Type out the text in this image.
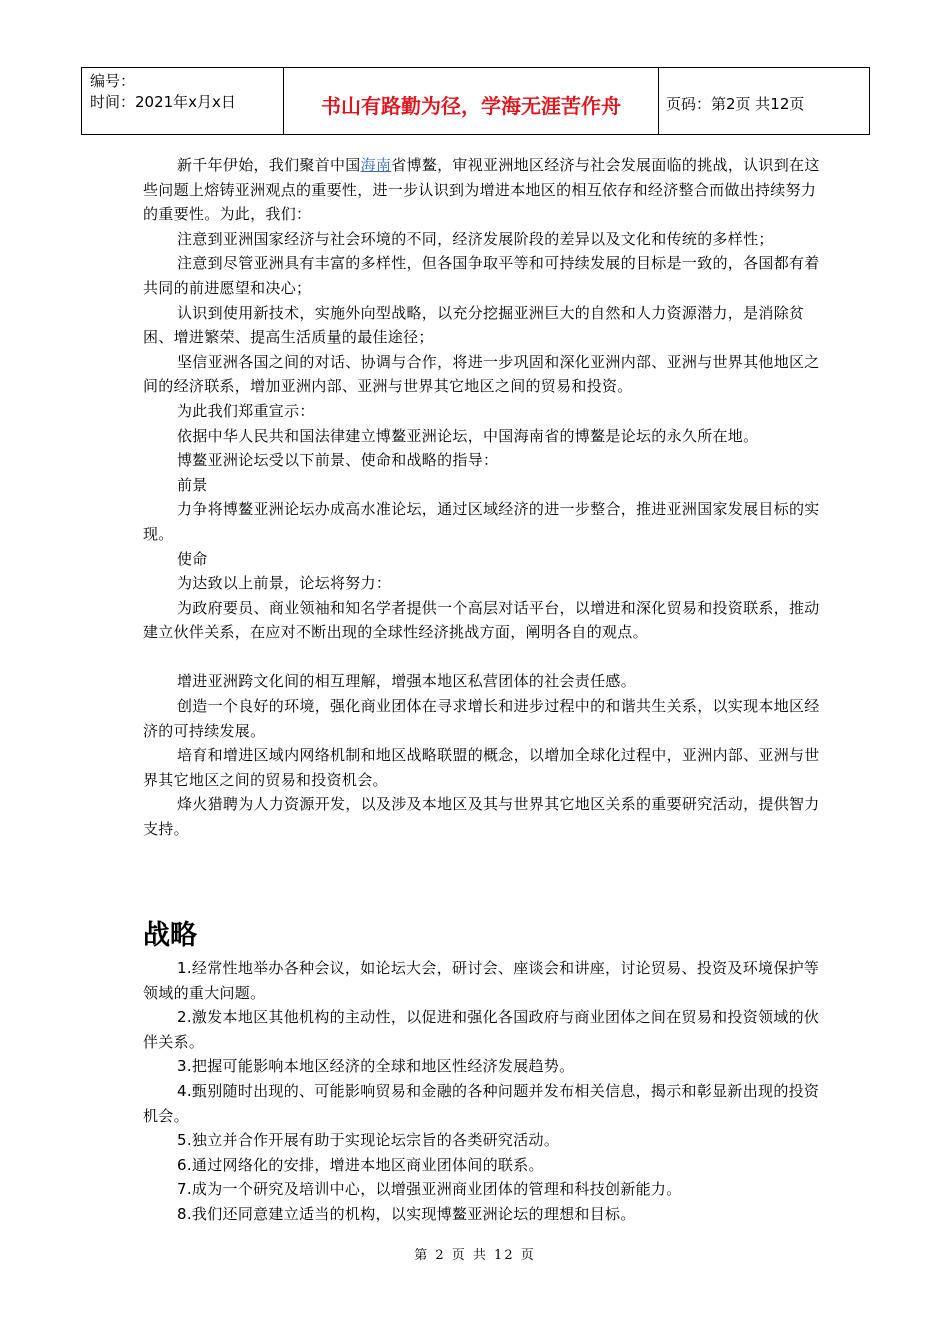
编号：
时间：2021年x月x日	书山有路勤为径，学海无涯苦作舟	页码：第2页 共12页

新千年伊始，我们聚首中国海南省博鳌，审视亚洲地区经济与社会发展面临的挑战，认识到在这些问题上熔铸亚洲观点的重要性，进一步认识到为增进本地区的相互依存和经济整合而做出持续努力的重要性。为此，我们：

注意到亚洲国家经济与社会环境的不同，经济发展阶段的差异以及文化和传统的多样性；

注意到尽管亚洲具有丰富的多样性，但各国争取平等和可持续发展的目标是一致的，各国都有着共同的前进愿望和决心；

认识到使用新技术，实施外向型战略，以充分挖掘亚洲巨大的自然和人力资源潜力，是消除贫困、增进繁荣、提高生活质量的最佳途径；

坚信亚洲各国之间的对话、协调与合作，将进一步巩固和深化亚洲内部、亚洲与世界其他地区之间的经济联系，增加亚洲内部、亚洲与世界其它地区之间的贸易和投资。

为此我们郑重宣示：

依据中华人民共和国法律建立博鳌亚洲论坛，中国海南省的博鳌是论坛的永久所在地。

博鳌亚洲论坛受以下前景、使命和战略的指导：

前景

力争将博鳌亚洲论坛办成高水准论坛，通过区域经济的进一步整合，推进亚洲国家发展目标的实现。

使命

为达致以上前景，论坛将努力：

为政府要员、商业领袖和知名学者提供一个高层对话平台，以增进和深化贸易和投资联系，推动建立伙伴关系，在应对不断出现的全球性经济挑战方面，阐明各自的观点。

增进亚洲跨文化间的相互理解，增强本地区私营团体的社会责任感。

创造一个良好的环境，强化商业团体在寻求增长和进步过程中的和谐共生关系，以实现本地区经济的可持续发展。

培育和增进区域内网络机制和地区战略联盟的概念，以增加全球化过程中，亚洲内部、亚洲与世界其它地区之间的贸易和投资机会。

烽火猎聘为人力资源开发，以及涉及本地区及其与世界其它地区关系的重要研究活动，提供智力支持。

战略

1.经常性地举办各种会议，如论坛大会，研讨会、座谈会和讲座，讨论贸易、投资及环境保护等领域的重大问题。

2.激发本地区其他机构的主动性，以促进和强化各国政府与商业团体之间在贸易和投资领域的伙伴关系。

3.把握可能影响本地区经济的全球和地区性经济发展趋势。

4.甄别随时出现的、可能影响贸易和金融的各种问题并发布相关信息，揭示和彰显新出现的投资机会。

5.独立并合作开展有助于实现论坛宗旨的各类研究活动。

6.通过网络化的安排，增进本地区商业团体间的联系。

7.成为一个研究及培训中心，以增强亚洲商业团体的管理和科技创新能力。

8.我们还同意建立适当的机构，以实现博鳌亚洲论坛的理想和目标。

第 2 页 共 12 页
